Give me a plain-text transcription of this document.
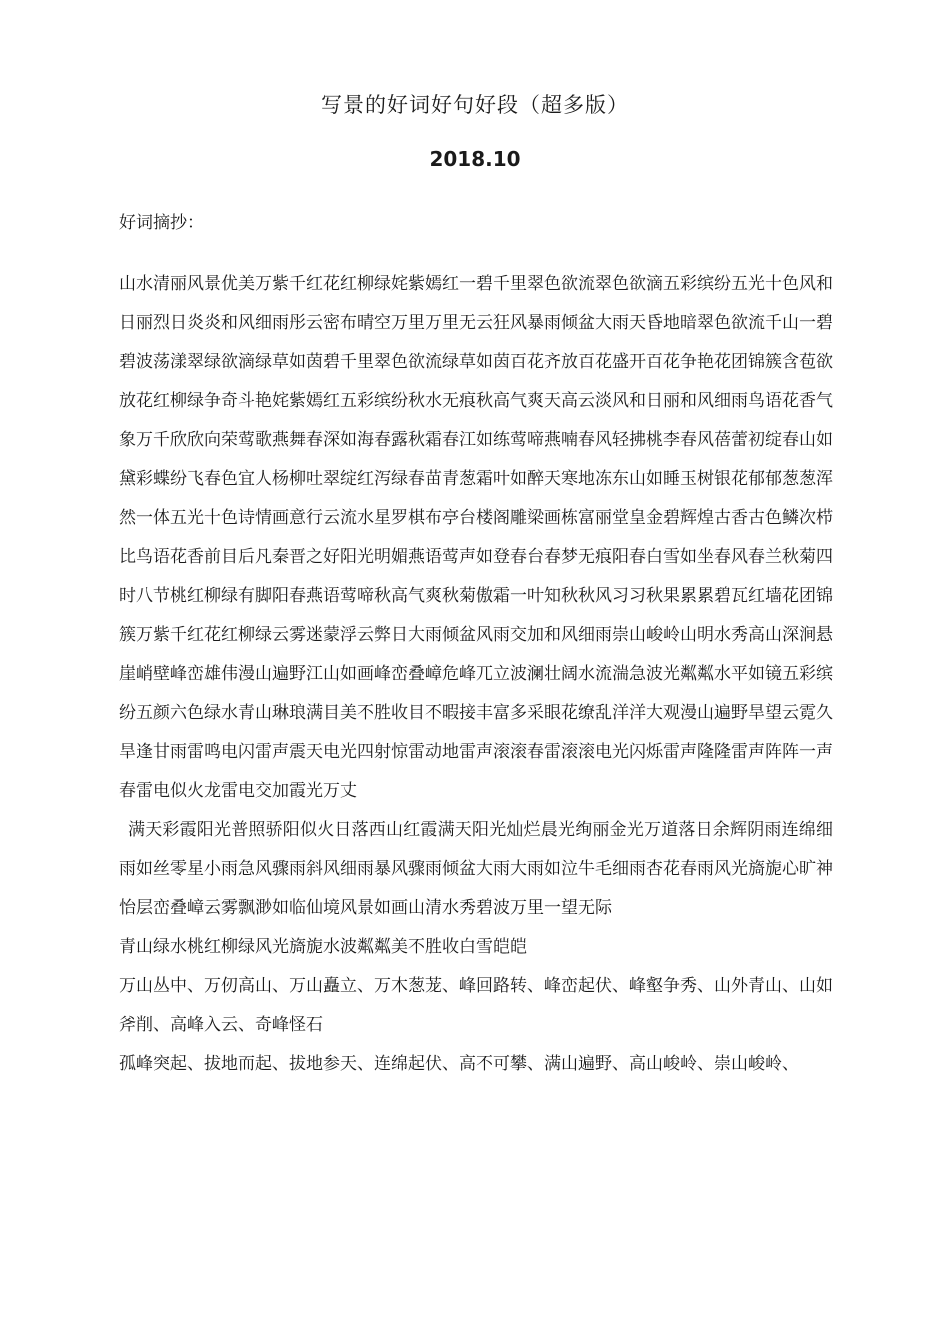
写景的好词好句好段（超多版）
2018.10
好词摘抄：

山水清丽风景优美万紫千红花红柳绿姹紫嫣红一碧千里翠色欲流翠色欲滴五彩缤纷五光十色风和日丽烈日炎炎和风细雨彤云密布晴空万里万里无云狂风暴雨倾盆大雨天昏地暗翠色欲流千山一碧碧波荡漾翠绿欲滴绿草如茵碧千里翠色欲流绿草如茵百花齐放百花盛开百花争艳花团锦簇含苞欲放花红柳绿争奇斗艳姹紫嫣红五彩缤纷秋水无痕秋高气爽天高云淡风和日丽和风细雨鸟语花香气象万千欣欣向荣莺歌燕舞春深如海春露秋霜春江如练莺啼燕喃春风轻拂桃李春风蓓蕾初绽春山如黛彩蝶纷飞春色宜人杨柳吐翠绽红泻绿春苗青葱霜叶如醉天寒地冻东山如睡玉树银花郁郁葱葱浑然一体五光十色诗情画意行云流水星罗棋布亭台楼阁雕梁画栋富丽堂皇金碧辉煌古香古色鳞次栉比鸟语花香前目后凡秦晋之好阳光明媚燕语莺声如登春台春梦无痕阳春白雪如坐春风春兰秋菊四时八节桃红柳绿有脚阳春燕语莺啼秋高气爽秋菊傲霜一叶知秋秋风习习秋果累累碧瓦红墙花团锦簇万紫千红花红柳绿云雾迷蒙浮云弊日大雨倾盆风雨交加和风细雨崇山峻岭山明水秀高山深涧悬崖峭壁峰峦雄伟漫山遍野江山如画峰峦叠嶂危峰兀立波澜壮阔水流湍急波光粼粼水平如镜五彩缤纷五颜六色绿水青山琳琅满目美不胜收目不暇接丰富多采眼花缭乱洋洋大观漫山遍野旱望云霓久旱逢甘雨雷鸣电闪雷声震天电光四射惊雷动地雷声滚滚春雷滚滚电光闪烁雷声隆隆雷声阵阵一声春雷电似火龙雷电交加霞光万丈

满天彩霞阳光普照骄阳似火日落西山红霞满天阳光灿烂晨光绚丽金光万道落日余辉阴雨连绵细雨如丝零星小雨急风骤雨斜风细雨暴风骤雨倾盆大雨大雨如泣牛毛细雨杏花春雨风光旖旎心旷神怡层峦叠嶂云雾飘渺如临仙境风景如画山清水秀碧波万里一望无际

青山绿水桃红柳绿风光旖旎水波粼粼美不胜收白雪皑皑

万山丛中、万仞高山、万山矗立、万木葱茏、峰回路转、峰峦起伏、峰壑争秀、山外青山、山如斧削、高峰入云、奇峰怪石

孤峰突起、拔地而起、拔地参天、连绵起伏、高不可攀、满山遍野、高山峻岭、崇山峻岭、
